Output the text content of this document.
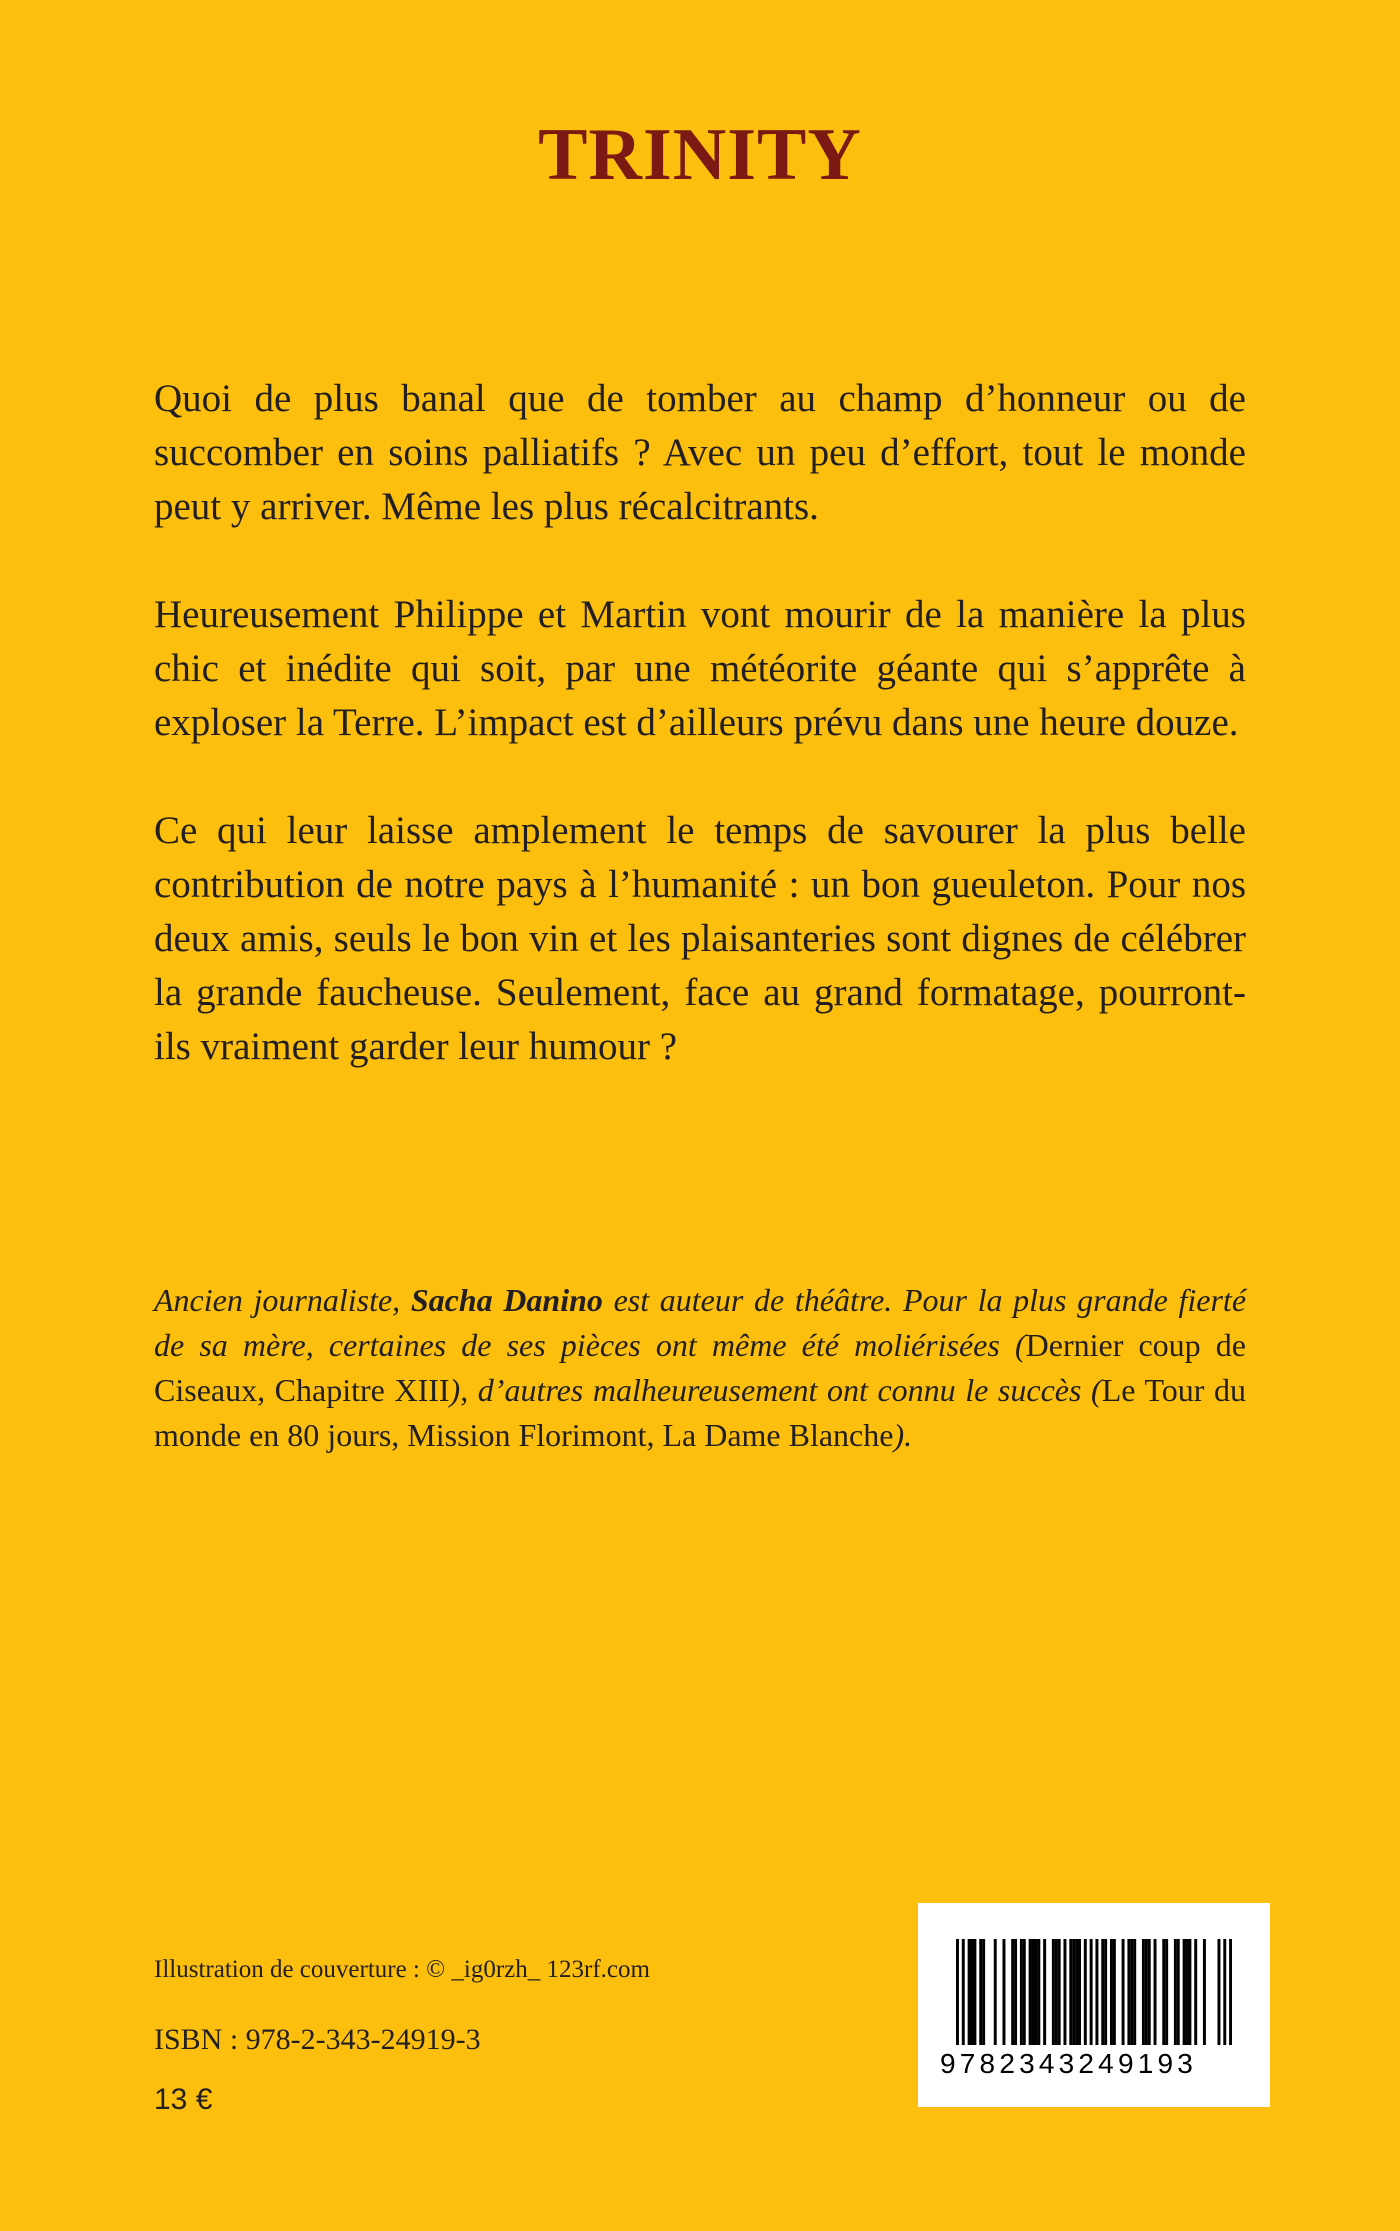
TRINITY

Quoi de plus banal que de tomber au champ d’honneur ou de succomber en soins palliatifs ? Avec un peu d’effort, tout le monde peut y arriver. Même les plus récalcitrants.

Heureusement Philippe et Martin vont mourir de la manière la plus chic et inédite qui soit, par une météorite géante qui s’apprête à exploser la Terre. L’impact est d’ailleurs prévu dans une heure douze.

Ce qui leur laisse amplement le temps de savourer la plus belle contribution de notre pays à l’humanité : un bon gueuleton. Pour nos deux amis, seuls le bon vin et les plaisanteries sont dignes de célébrer la grande faucheuse. Seulement, face au grand formatage, pourront-ils vraiment garder leur humour ?

Ancien journaliste, Sacha Danino est auteur de théâtre. Pour la plus grande fierté de sa mère, certaines de ses pièces ont même été moliérisées (Dernier coup de Ciseaux, Chapitre XIII), d’autres malheureusement ont connu le succès (Le Tour du monde en 80 jours, Mission Florimont, La Dame Blanche).

Illustration de couverture : © _ig0rzh_ 123rf.com
ISBN : 978-2-343-24919-3
13 €
9782343249193
